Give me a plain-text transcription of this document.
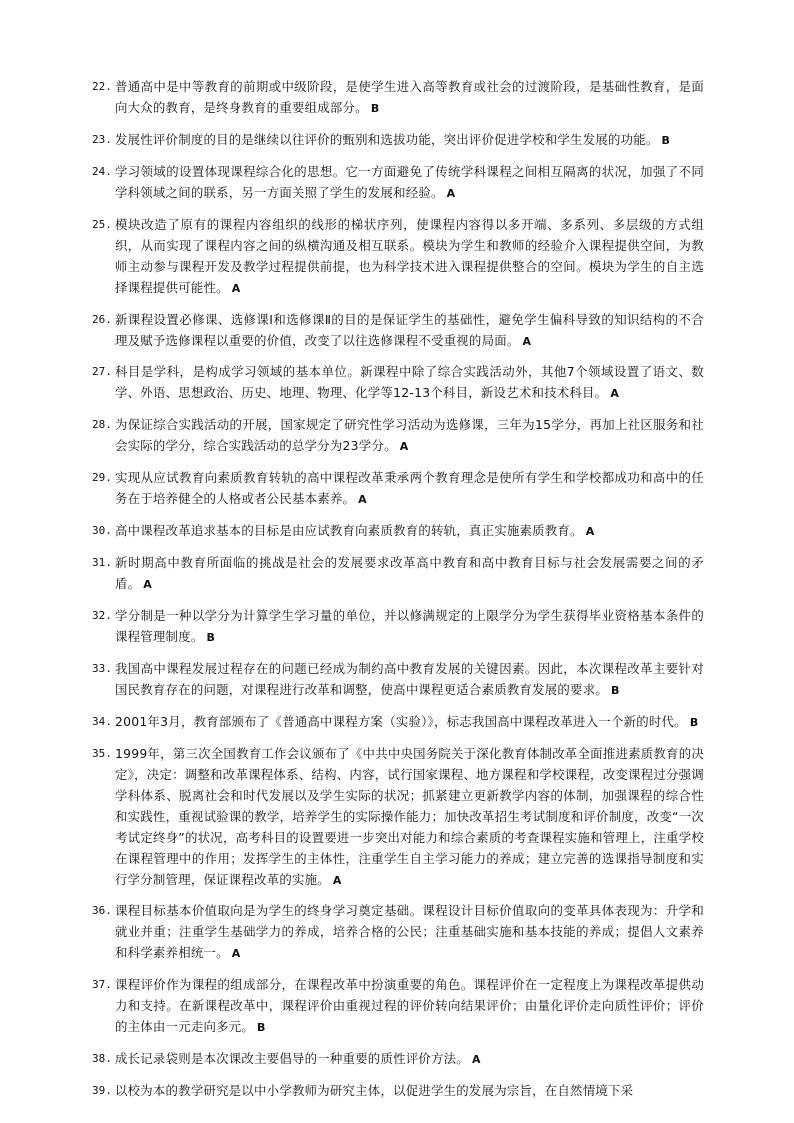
22. 普通高中是中等教育的前期或中级阶段，是使学生进入高等教育或社会的过渡阶段，是基础性教育，是面向大众的教育，是终身教育的重要组成部分。 B
23. 发展性评价制度的目的是继续以往评价的甄别和选拔功能，突出评价促进学校和学生发展的功能。 B
24. 学习领域的设置体现课程综合化的思想。它一方面避免了传统学科课程之间相互隔离的状况，加强了不同学科领域之间的联系，另一方面关照了学生的发展和经验。 A
25. 模块改造了原有的课程内容组织的线形的梯状序列，使课程内容得以多开端、多系列、多层级的方式组织，从而实现了课程内容之间的纵横沟通及相互联系。模块为学生和教师的经验介入课程提供空间，为教师主动参与课程开发及教学过程提供前提，也为科学技术进入课程提供整合的空间。模块为学生的自主选择课程提供可能性。 A
26. 新课程设置必修课、选修课Ⅰ和选修课Ⅱ的目的是保证学生的基础性，避免学生偏科导致的知识结构的不合理及赋予选修课程以重要的价值，改变了以往选修课程不受重视的局面。 A
27. 科目是学科，是构成学习领域的基本单位。新课程中除了综合实践活动外，其他7个领域设置了语文、数学、外语、思想政治、历史、地理、物理、化学等12-13个科目，新设艺术和技术科目。 A
28. 为保证综合实践活动的开展，国家规定了研究性学习活动为选修课，三年为15学分，再加上社区服务和社会实际的学分，综合实践活动的总学分为23学分。 A
29. 实现从应试教育向素质教育转轨的高中课程改革秉承两个教育理念是使所有学生和学校都成功和高中的任务在于培养健全的人格或者公民基本素养。 A
30. 高中课程改革追求基本的目标是由应试教育向素质教育的转轨，真正实施素质教育。 A
31. 新时期高中教育所面临的挑战是社会的发展要求改革高中教育和高中教育目标与社会发展需要之间的矛盾。 A
32. 学分制是一种以学分为计算学生学习量的单位，并以修满规定的上限学分为学生获得毕业资格基本条件的课程管理制度。 B
33. 我国高中课程发展过程存在的问题已经成为制约高中教育发展的关键因素。因此，本次课程改革主要针对国民教育存在的问题，对课程进行改革和调整，使高中课程更适合素质教育发展的要求。 B
34. 2001年3月，教育部颁布了《普通高中课程方案（实验）》，标志我国高中课程改革进入一个新的时代。 B
35. 1999年，第三次全国教育工作会议颁布了《中共中央国务院关于深化教育体制改革全面推进素质教育的决定》，决定：调整和改革课程体系、结构、内容，试行国家课程、地方课程和学校课程，改变课程过分强调学科体系、脱离社会和时代发展以及学生实际的状况；抓紧建立更新教学内容的体制，加强课程的综合性和实践性，重视试验课的教学，培养学生的实际操作能力；加快改革招生考试制度和评价制度，改变“一次考试定终身”的状况，高考科目的设置要进一步突出对能力和综合素质的考查课程实施和管理上，注重学校在课程管理中的作用；发挥学生的主体性，注重学生自主学习能力的养成；建立完善的选课指导制度和实行学分制管理，保证课程改革的实施。 A
36. 课程目标基本价值取向是为学生的终身学习奠定基础。课程设计目标价值取向的变革具体表现为：升学和就业并重；注重学生基础学力的养成，培养合格的公民；注重基础实施和基本技能的养成；提倡人文素养和科学素养相统一。 A
37. 课程评价作为课程的组成部分，在课程改革中扮演重要的角色。课程评价在一定程度上为课程改革提供动力和支持。在新课程改革中，课程评价由重视过程的评价转向结果评价；由量化评价走向质性评价；评价的主体由一元走向多元。 B
38. 成长记录袋则是本次课改主要倡导的一种重要的质性评价方法。 A
39. 以校为本的教学研究是以中小学教师为研究主体，以促进学生的发展为宗旨，在自然情境下采
